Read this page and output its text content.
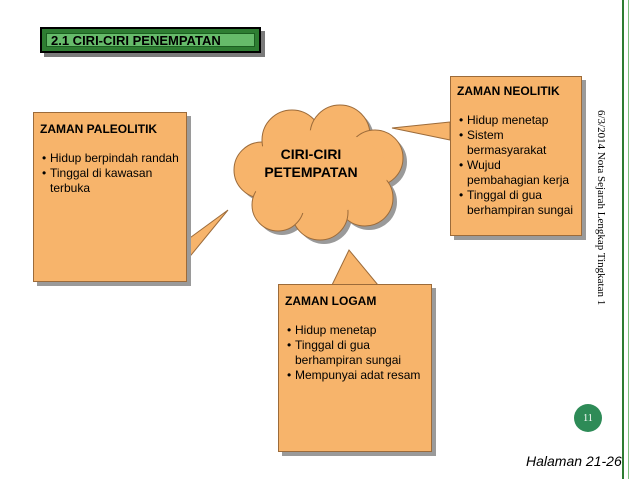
2.1 CIRI-CIRI PENEMPATAN
CIRI-CIRI
PETEMPATAN
ZAMAN PALEOLITIK
• Hidup berpindah randah
• Tinggal di kawasan terbuka
ZAMAN NEOLITIK
• Hidup menetap
• Sistem bermasyarakat
• Wujud pembahagian kerja
• Tinggal di gua berhampiran sungai
ZAMAN LOGAM
• Hidup menetap
• Tinggal di gua berhampiran sungai
• Mempunyai adat resam
6/3/2014 Nota Sejarah Lengkap Tingkatan 1
11
Halaman 21-26
